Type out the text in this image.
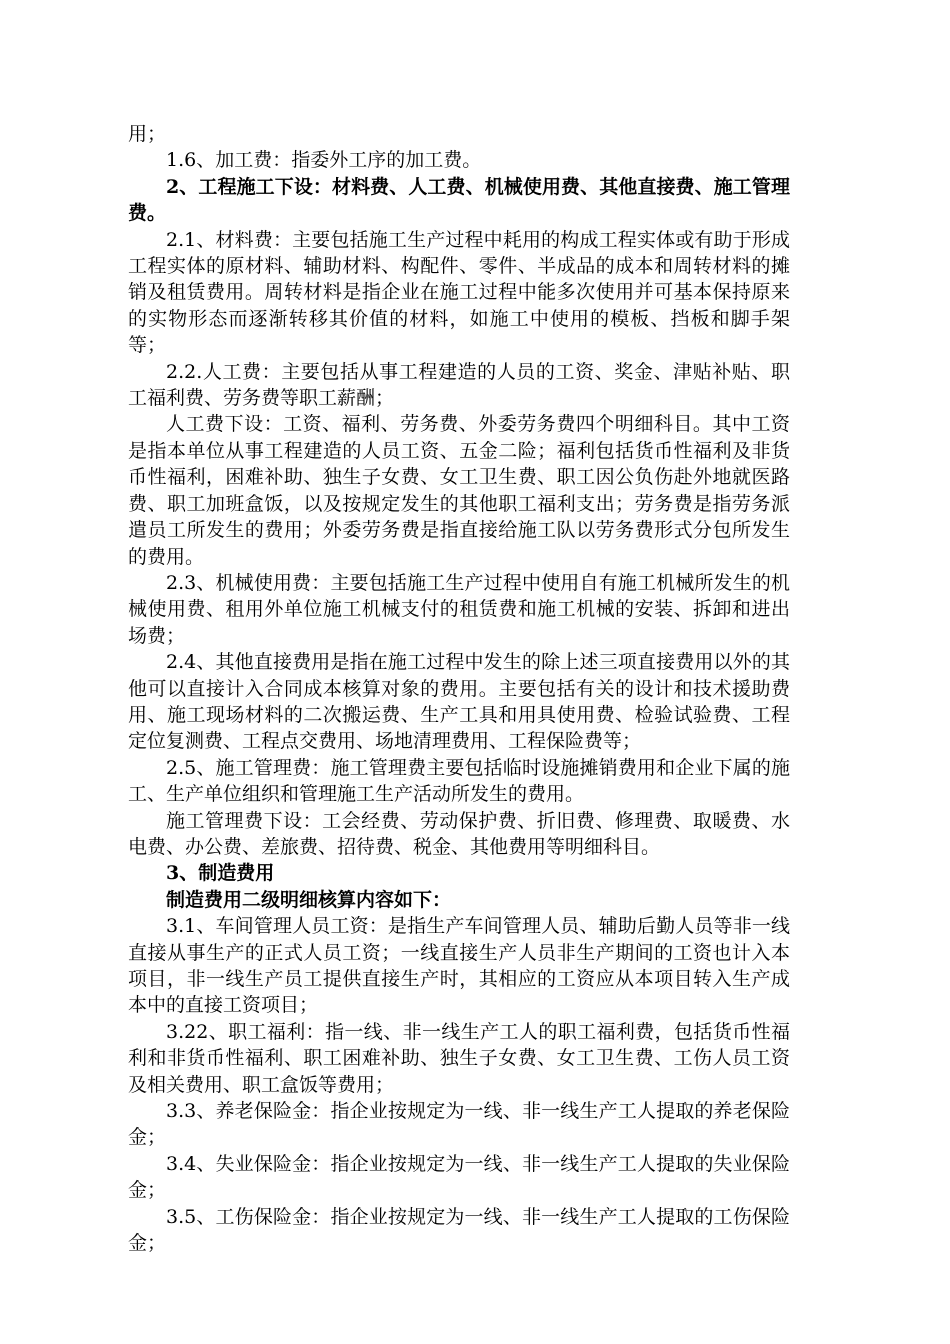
用；

1.6、加工费：指委外工序的加工费。

2、工程施工下设：材料费、人工费、机械使用费、其他直接费、施工管理费。

2.1、材料费：主要包括施工生产过程中耗用的构成工程实体或有助于形成工程实体的原材料、辅助材料、构配件、零件、半成品的成本和周转材料的摊销及租赁费用。周转材料是指企业在施工过程中能多次使用并可基本保持原来的实物形态而逐渐转移其价值的材料，如施工中使用的模板、挡板和脚手架等；

2.2.人工费：主要包括从事工程建造的人员的工资、奖金、津贴补贴、职工福利费、劳务费等职工薪酬；

人工费下设：工资、福利、劳务费、外委劳务费四个明细科目。其中工资是指本单位从事工程建造的人员工资、五金二险；福利包括货币性福利及非货币性福利，困难补助、独生子女费、女工卫生费、职工因公负伤赴外地就医路费、职工加班盒饭，以及按规定发生的其他职工福利支出；劳务费是指劳务派遣员工所发生的费用；外委劳务费是指直接给施工队以劳务费形式分包所发生的费用。

2.3、机械使用费：主要包括施工生产过程中使用自有施工机械所发生的机械使用费、租用外单位施工机械支付的租赁费和施工机械的安装、拆卸和进出场费；

2.4、其他直接费用是指在施工过程中发生的除上述三项直接费用以外的其他可以直接计入合同成本核算对象的费用。主要包括有关的设计和技术援助费用、施工现场材料的二次搬运费、生产工具和用具使用费、检验试验费、工程定位复测费、工程点交费用、场地清理费用、工程保险费等；

2.5、施工管理费：施工管理费主要包括临时设施摊销费用和企业下属的施工、生产单位组织和管理施工生产活动所发生的费用。

施工管理费下设：工会经费、劳动保护费、折旧费、修理费、取暖费、水电费、办公费、差旅费、招待费、税金、其他费用等明细科目。

3、制造费用

制造费用二级明细核算内容如下：

3.1、车间管理人员工资：是指生产车间管理人员、辅助后勤人员等非一线直接从事生产的正式人员工资；一线直接生产人员非生产期间的工资也计入本项目，非一线生产员工提供直接生产时，其相应的工资应从本项目转入生产成本中的直接工资项目；

3.22、职工福利：指一线、非一线生产工人的职工福利费，包括货币性福利和非货币性福利、职工困难补助、独生子女费、女工卫生费、工伤人员工资及相关费用、职工盒饭等费用；

3.3、养老保险金：指企业按规定为一线、非一线生产工人提取的养老保险金；

3.4、失业保险金：指企业按规定为一线、非一线生产工人提取的失业保险金；

3.5、工伤保险金：指企业按规定为一线、非一线生产工人提取的工伤保险金；
